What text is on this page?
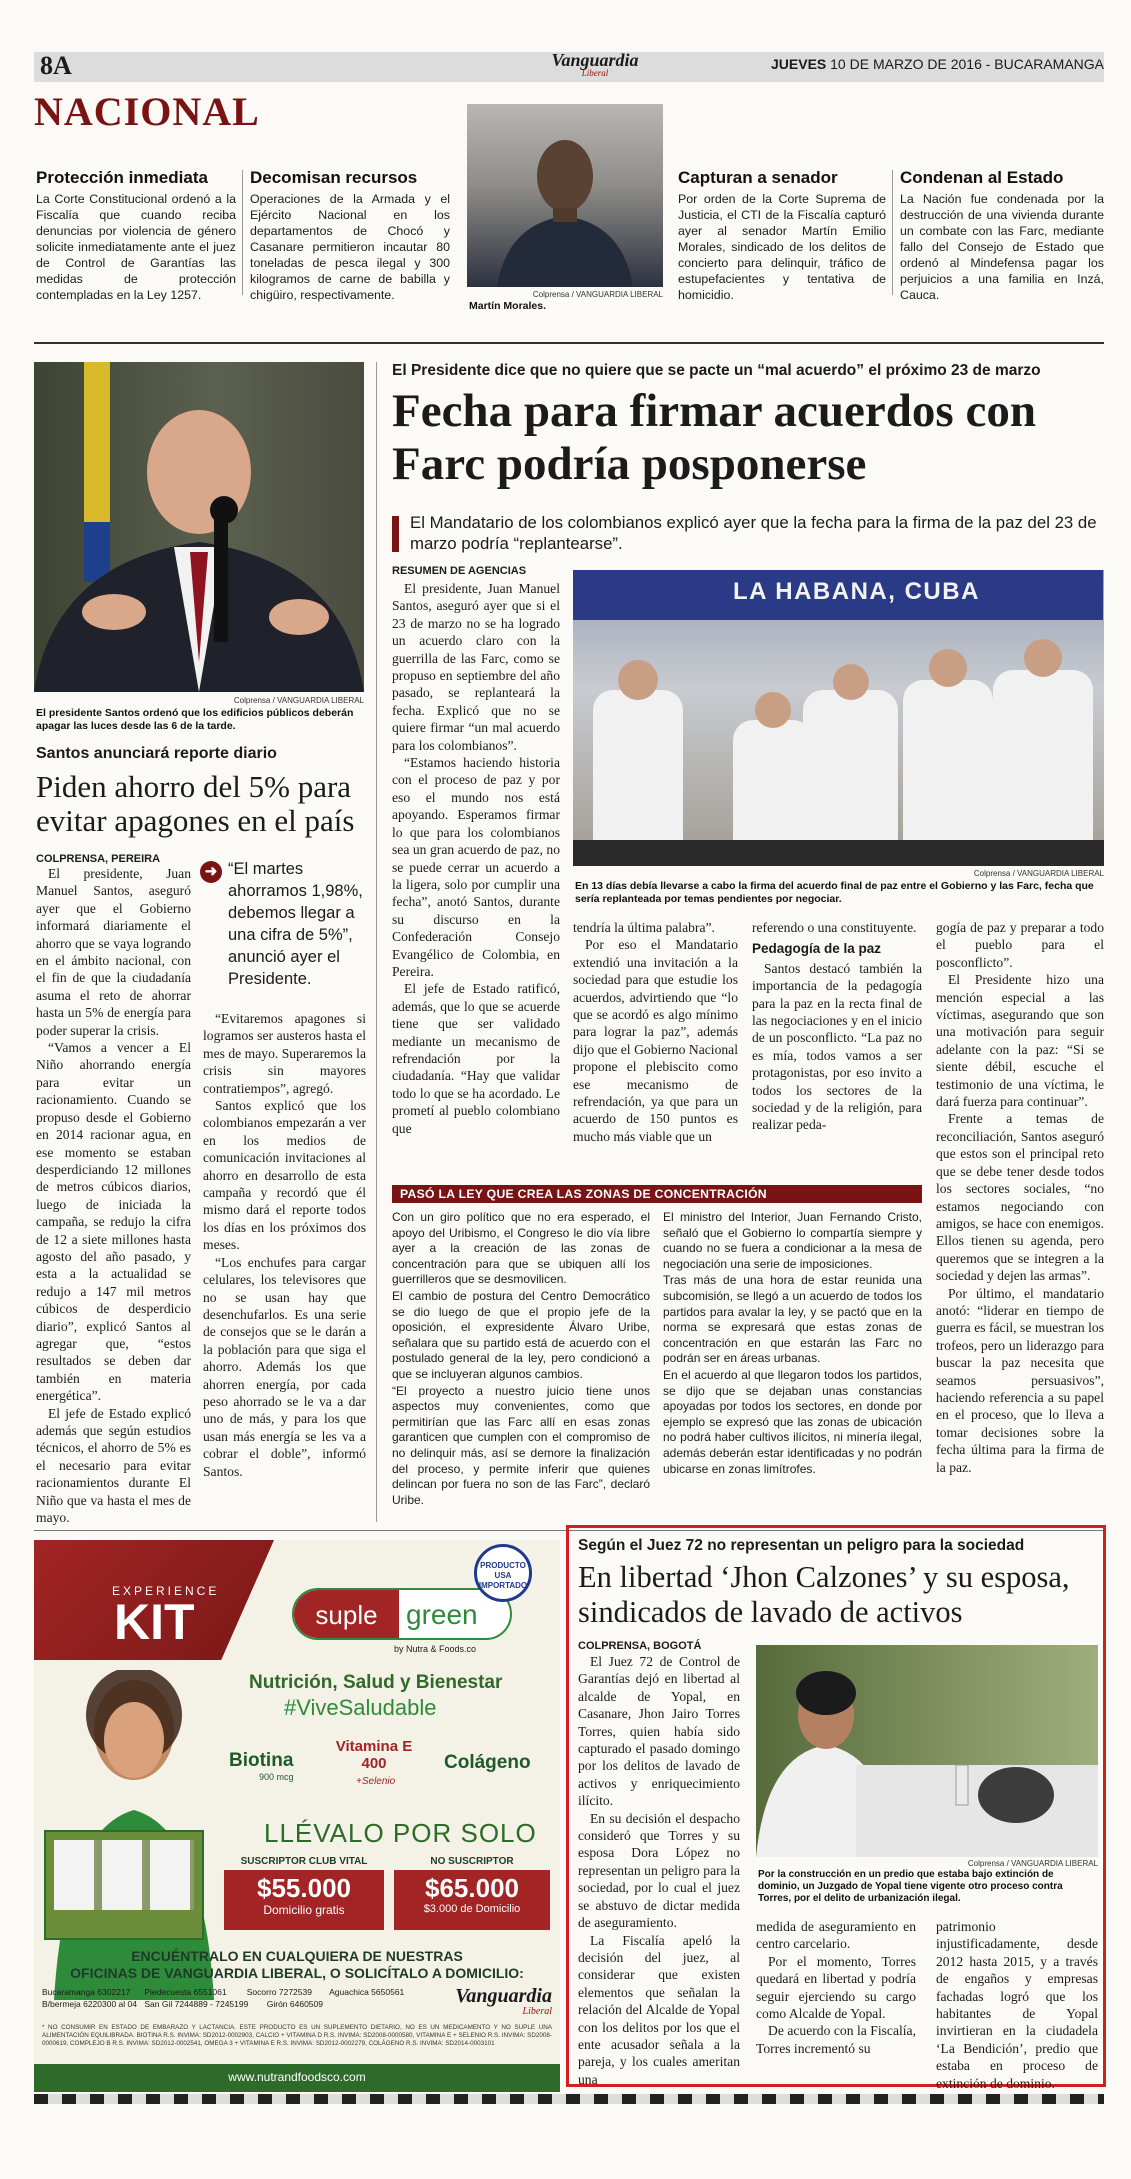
8A	Vanguardia
Liberal
JUEVES 10 DE MARZO DE 2016 - BUCARAMANGA
NACIONAL
Protección inmediata
La Corte Constitucional ordenó a la Fiscalía que cuando reciba denuncias por violencia de género solicite inmediatamente ante el juez de Control de Garantías las medidas de protección contempladas en la Ley 1257.
Decomisan recursos
Operaciones de la Armada y el Ejército Nacional en los departamentos de Chocó y Casanare permitieron incautar 80 toneladas de pesca ilegal y 300 kilogramos de carne de babilla y chigüiro, respectivamente.	Colprensa / VANGUARDIA LIBERAL
Martín Morales.
Capturan a senador
Por orden de la Corte Suprema de Justicia, el CTI de la Fiscalía capturó ayer al senador Martín Emilio Morales, sindicado de los delitos de concierto para delinquir, tráfico de estupefacientes y tentativa de homicidio.
Condenan al Estado
La Nación fue condenada por la destrucción de una vivienda durante un combate con las Farc, mediante fallo del Consejo de Estado que ordenó al Mindefensa pagar los perjuicios a una familia en Inzá, Cauca.
Colprensa / VANGUARDIA LIBERAL
El presidente Santos ordenó que los edificios públicos deberán apagar las luces desde las 6 de la tarde.
Santos anunciará reporte diario
Piden ahorro del 5% para evitar apagones en el país
COLPRENSA, PEREIRA

El presidente, Juan Manuel Santos, aseguró ayer que el Gobierno informará diariamente el ahorro que se vaya logrando en el ámbito nacional, con el fin de que la ciudadanía asuma el reto de ahorrar hasta un 5% de energía para poder superar la crisis.

“Vamos a vencer a El Niño ahorrando energía para evitar un racionamiento. Cuando se propuso desde el Gobierno en 2014 racionar agua, en ese momento se estaban desperdiciando 12 millones de metros cúbicos diarios, luego de iniciada la campaña, se redujo la cifra de 12 a siete millones hasta agosto del año pasado, y esta a la actualidad se redujo a 147 mil metros cúbicos de desperdicio diario”, explicó Santos al agregar que, “estos resultados se deben dar también en materia energética”.

El jefe de Estado explicó además que según estudios técnicos, el ahorro de 5% es el necesario para evitar racionamientos durante El Niño que va hasta el mes de mayo.

➜ “El martes ahorramos 1,98%, debemos llegar a una cifra de 5%”, anunció ayer el Presidente.

“Evitaremos apagones si logramos ser austeros hasta el mes de mayo. Superaremos la crisis sin mayores contratiempos”, agregó.

Santos explicó que los colombianos empezarán a ver en los medios de comunicación invitaciones al ahorro en desarrollo de esta campaña y recordó que él mismo dará el reporte todos los días en los próximos dos meses.

“Los enchufes para cargar celulares, los televisores que no se usan hay que desenchufarlos. Es una serie de consejos que se le darán a la población para que siga el ahorro. Además los que ahorren energía, por cada peso ahorrado se le va a dar uno de más, y para los que usan más energía se les va a cobrar el doble”, informó Santos.

El Presidente dice que no quiere que se pacte un “mal acuerdo” el próximo 23 de marzo
Fecha para firmar acuerdos con Farc podría posponerse
El Mandatario de los colombianos explicó ayer que la fecha para la firma de la paz del 23 de marzo podría “replantearse”.
RESUMEN DE AGENCIAS

El presidente, Juan Manuel Santos, aseguró ayer que si el 23 de marzo no se ha logrado un acuerdo claro con la guerrilla de las Farc, como se propuso en septiembre del año pasado, se replanteará la fecha. Explicó que no se quiere firmar “un mal acuerdo para los colombianos”.

“Estamos haciendo historia con el proceso de paz y por eso el mundo nos está apoyando. Esperamos firmar lo que para los colombianos sea un gran acuerdo de paz, no se puede cerrar un acuerdo a la ligera, solo por cumplir una fecha”, anotó Santos, durante su discurso en la Confederación Consejo Evangélico de Colombia, en Pereira.

El jefe de Estado ratificó, además, que lo que se acuerde tiene que ser validado mediante un mecanismo de refrendación por la ciudadanía. “Hay que validar todo lo que se ha acordado. Le prometí al pueblo colombiano que

LA HABANA, CUBA
Colprensa / VANGUARDIA LIBERAL
En 13 días debía llevarse a cabo la firma del acuerdo final de paz entre el Gobierno y las Farc, fecha que sería replanteada por temas pendientes por negociar.

tendría la última palabra”.

Por eso el Mandatario extendió una invitación a la sociedad para que estudie los acuerdos, advirtiendo que “lo que se acordó es algo mínimo para lograr la paz”, además dijo que el Gobierno Nacional propone el plebiscito como ese mecanismo de refrendación, ya que para un acuerdo de 150 puntos es mucho más viable que un

referendo o una constituyente.

Pedagogía de la paz

Santos destacó también la importancia de la pedagogía para la paz en la recta final de las negociaciones y en el inicio de un posconflicto. “La paz no es mía, todos vamos a ser protagonistas, por eso invito a todos los sectores de la sociedad y de la religión, para realizar peda-

gogía de paz y preparar a todo el pueblo para el posconflicto”.

El Presidente hizo una mención especial a las víctimas, asegurando que son una motivación para seguir adelante con la paz: “Si se siente débil, escuche el testimonio de una víctima, le dará fuerza para continuar”.

Frente a temas de reconciliación, Santos aseguró que estos son el principal reto que se debe tener desde todos los sectores sociales, “no estamos negociando con amigos, se hace con enemigos. Ellos tienen su agenda, pero queremos que se integren a la sociedad y dejen las armas”.

Por último, el mandatario anotó: “liderar en tiempo de guerra es fácil, se muestran los trofeos, pero un liderazgo para buscar la paz necesita que seamos persuasivos”, haciendo referencia a su papel en el proceso, que lo lleva a tomar decisiones sobre la fecha última para la firma de la paz.

PASÓ LA LEY QUE CREA LAS ZONAS DE CONCENTRACIÓN

Con un giro político que no era esperado, el apoyo del Uribismo, el Congreso le dio vía libre ayer a la creación de las zonas de concentración para que se ubiquen allí los guerrilleros que se desmovilicen.

El cambio de postura del Centro Democrático se dio luego de que el propio jefe de la oposición, el expresidente Álvaro Uribe, señalara que su partido está de acuerdo con el postulado general de la ley, pero condicionó a que se incluyeran algunos cambios.

“El proyecto a nuestro juicio tiene unos aspectos muy convenientes, como que permitirían que las Farc allí en esas zonas garanticen que cumplen con el compromiso de no delinquir más, así se demore la finalización del proceso, y permite inferir que quienes delincan por fuera no son de las Farc”, declaró Uribe.

El ministro del Interior, Juan Fernando Cristo, señaló que el Gobierno lo compartía siempre y cuando no se fuera a condicionar a la mesa de negociación una serie de imposiciones.

Tras más de una hora de estar reunida una subcomisión, se llegó a un acuerdo de todos los partidos para avalar la ley, y se pactó que en la norma se expresará que estas zonas de concentración en que estarán las Farc no podrán ser en áreas urbanas.

En el acuerdo al que llegaron todos los partidos, se dijo que se dejaban unas constancias apoyadas por todos los sectores, en donde por ejemplo se expresó que las zonas de ubicación no podrá haber cultivos ilícitos, ni minería ilegal, además deberán estar identificadas y no podrán ubicarse en zonas limítrofes.

EXPERIENCE
KIT	suple	green
by Nutra & Foods.co
PRODUCTO USA IMPORTADO
Nutrición, Salud y Bienestar
#ViveSaludable
Biotina
900 mcg
Vitamina E 400
+Selenio
Colágeno
LLÉVALO POR SOLO
SUSCRIPTOR CLUB VITAL
$55.000
Domicilio gratis
NO SUSCRIPTOR
$65.000
$3.000 de Domicilio
ENCUÉNTRALO EN CUALQUIERA DE NUESTRAS
OFICINAS DE VANGUARDIA LIBERAL, O SOLICÍTALO A DOMICILIO:
Bucaramanga 6302217 Piedecuesta 6551061 Socorro 7272539 Aguachica 5650561 B/bermeja 6220300 al 04 San Gil 7244889 - 7245199 Girón 6460509	Vanguardia
Liberal
* NO CONSUMIR EN ESTADO DE EMBARAZO Y LACTANCIA. ESTE PRODUCTO ES UN SUPLEMENTO DIETARIO, NO ES UN MEDICAMENTO Y NO SUPLE UNA ALIMENTACIÓN EQUILIBRADA. BIOTINA R.S. INVIMA: SD2012-0002903, CALCIO + VITAMINA D R.S. INVIMA: SD2008-0000580, VITAMINA E + SELENIO R.S. INVIMA: SD2008-0000619, COMPLEJO B R.S. INVIMA: SD2012-0002541, OMEGA 3 + VITAMINA E R.S. INVIMA: SD2012-0002279, COLÁGENO R.S. INVIMA: SD2014-0003101
www.nutrandfoodsco.com
Según el Juez 72 no representan un peligro para la sociedad
En libertad ‘Jhon Calzones’ y su esposa, sindicados de lavado de activos
COLPRENSA, BOGOTÁ

El Juez 72 de Control de Garantías dejó en libertad al alcalde de Yopal, en Casanare, Jhon Jairo Torres Torres, quien había sido capturado el pasado domingo por los delitos de lavado de activos y enriquecimiento ilícito.

En su decisión el despacho consideró que Torres y su esposa Dora López no representan un peligro para la sociedad, por lo cual el juez se abstuvo de dictar medida de aseguramiento.

La Fiscalía apeló la decisión del juez, al considerar que existen elementos que señalan la relación del Alcalde de Yopal con los delitos por los que el ente acusador señala a la pareja, y los cuales ameritan una

Colprensa / VANGUARDIA LIBERAL
Por la construcción en un predio que estaba bajo extinción de dominio, un Juzgado de Yopal tiene vigente otro proceso contra Torres, por el delito de urbanización ilegal.

medida de aseguramiento en centro carcelario.

Por el momento, Torres quedará en libertad y podría seguir ejerciendo su cargo como Alcalde de Yopal.

De acuerdo con la Fiscalía, Torres incrementó su

patrimonio injustificadamente, desde 2012 hasta 2015, y a través de engaños y empresas fachadas logró que los habitantes de Yopal invirtieran en la ciudadela ‘La Bendición’, predio que estaba en proceso de extinción de dominio.
